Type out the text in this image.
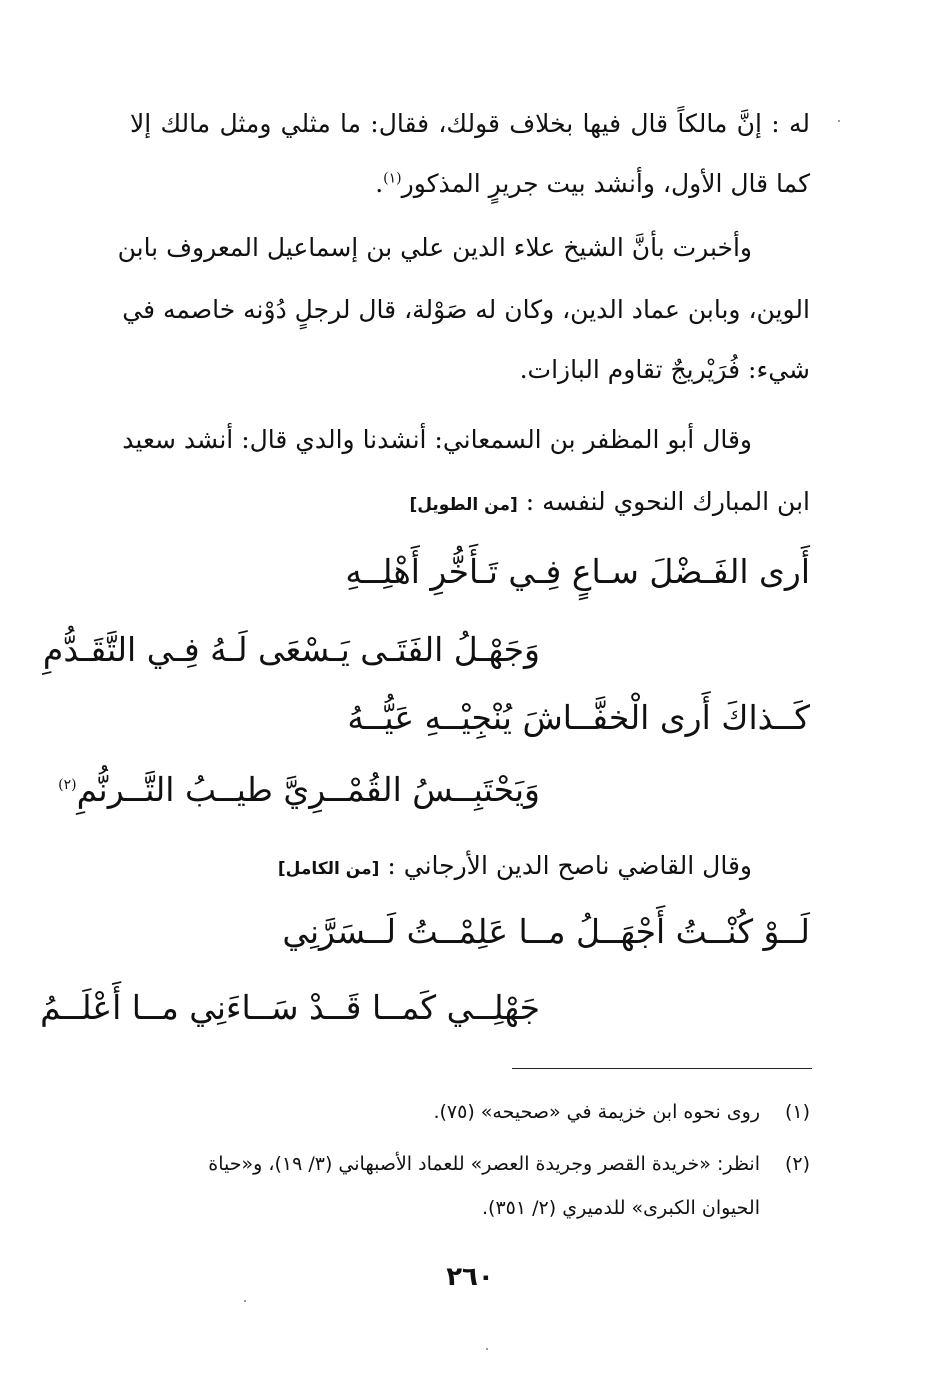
له : إنَّ مالكاً قال فيها بخلاف قولك، فقال: ما مثلي ومثل مالك إلا
كما قال الأول، وأنشد بيت جريرٍ المذكور$^{(١)}$.
وأخبرت بأنَّ الشيخ علاء الدين علي بن إسماعيل المعروف بابن
الوين، وبابن عماد الدين، وكان له صَوْلة، قال لرجلٍ دُوْنه خاصمه في
شيء: فُرَيْريجٌ تقاوم البازات.
وقال أبو المظفر بن السمعاني: أنشدنا والدي قال: أنشد سعيد
ابن المبارك النحوي لنفسه :[من الطويل]
أَرى الفَـضْلَ سـاعٍ فِـي تَـأَخُّرِ أَهْلِــهِ
وَجَهْـلُ الفَتَـى يَـسْعَى لَـهُ فِـي التَّقَـدُّمِ
كَــذاكَ أَرى الْخفَّــاشَ يُنْجِيْــهِ عَيُّــهُ
وَيَحْتَبِــسُ القُمْــرِيَّ طيــبُ التَّــرنُّمِ$^{(٢)}$
وقال القاضي ناصح الدين الأرجاني :[من الكامل]
لَــوْ كُنْــتُ أَجْهَــلُ مــا عَلِمْــتُ لَــسَرَّنِي
جَهْلِــي كَمــا قَــدْ سَــاءَنِي مــا أَعْلَــمُ
(١)
روى نحوه ابن خزيمة في «صحيحه» (٧٥).
(٢)
انظر: «خريدة القصر وجريدة العصر» للعماد الأصبهاني (٣/ ١٩)، و«حياة
الحيوان الكبرى» للدميري (٢/ ٣٥١).
٢٦٠
